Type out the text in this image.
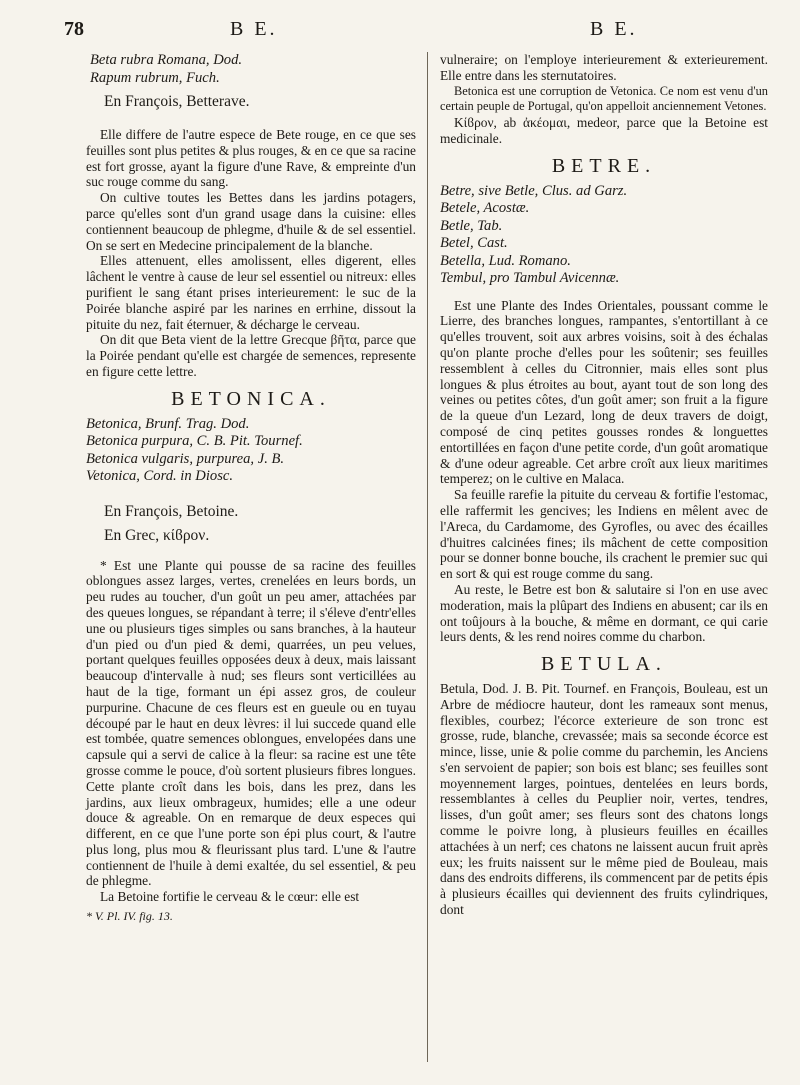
78	B E.	B E.
Beta rubra Romana, Dod.
Rapum rubrum, Fuch.
En François, Betterave.

Elle differe de l'autre espece de Bete rouge, en ce que ses feuilles sont plus petites & plus rouges, & en ce que sa racine est fort grosse, ayant la figure d'une Rave, & empreinte d'un suc rouge comme du sang.

On cultive toutes les Bettes dans les jardins potagers, parce qu'elles sont d'un grand usage dans la cuisine: elles contiennent beaucoup de phlegme, d'huile & de sel essentiel. On se sert en Medecine principalement de la blanche.

Elles attenuent, elles amolissent, elles digerent, elles lâchent le ventre à cause de leur sel essentiel ou nitreux: elles purifient le sang étant prises interieurement: le suc de la Poirée blanche aspiré par les narines en errhine, dissout la pituite du nez, fait éternuer, & décharge le cerveau.

On dit que Beta vient de la lettre Grecque βῆτα, parce que la Poirée pendant qu'elle est chargée de semences, represente en figure cette lettre.

BETONICA.
Betonica, Brunf. Trag. Dod.
Betonica purpura, C. B. Pit. Tournef.
Betonica vulgaris, purpurea, J. B.
Vetonica, Cord. in Diosc.
En François, Betoine.
En Grec, κίϐρον.

* Est une Plante qui pousse de sa racine des feuilles oblongues assez larges, vertes, crenelées en leurs bords, un peu rudes au toucher, d'un goût un peu amer, attachées par des queues longues, se répandant à terre; il s'éleve d'entr'elles une ou plusieurs tiges simples ou sans branches, à la hauteur d'un pied ou d'un pied & demi, quarrées, un peu velues, portant quelques feuilles opposées deux à deux, mais laissant beaucoup d'intervalle à nud; ses fleurs sont verticillées au haut de la tige, formant un épi assez gros, de couleur purpurine. Chacune de ces fleurs est en gueule ou en tuyau découpé par le haut en deux lèvres: il lui succede quand elle est tombée, quatre semences oblongues, envelopées dans une capsule qui a servi de calice à la fleur: sa racine est une tête grosse comme le pouce, d'où sortent plusieurs fibres longues. Cette plante croît dans les bois, dans les prez, dans les jardins, aux lieux ombrageux, humides; elle a une odeur douce & agreable. On en remarque de deux especes qui different, en ce que l'une porte son épi plus court, & l'autre plus long, plus mou & fleurissant plus tard. L'une & l'autre contiennent de l'huile à demi exaltée, du sel essentiel, & peu de phlegme.

La Betoine fortifie le cerveau & le cœur: elle est

* V. Pl. IV. fig. 13.

vulneraire; on l'employe interieurement & exterieurement. Elle entre dans les sternutatoires.

Betonica est une corruption de Vetonica. Ce nom est venu d'un certain peuple de Portugal, qu'on appelloit anciennement Vetones.

Κίϐρον, ab ἀκέομαι, medeor, parce que la Betoine est medicinale.

BETRE.
Betre, sive Betle, Clus. ad Garz.
Betele, Acostæ.
Betle, Tab.
Betel, Cast.
Betella, Lud. Romano.
Tembul, pro Tambul Avicennæ.

Est une Plante des Indes Orientales, poussant comme le Lierre, des branches longues, rampantes, s'entortillant à ce qu'elles trouvent, soit aux arbres voisins, soit à des échalas qu'on plante proche d'elles pour les soûtenir; ses feuilles ressemblent à celles du Citronnier, mais elles sont plus longues & plus étroites au bout, ayant tout de son long des veines ou petites côtes, d'un goût amer; son fruit a la figure de la queue d'un Lezard, long de deux travers de doigt, composé de cinq petites gousses rondes & longuettes entortillées en façon d'une petite corde, d'un goût aromatique & d'une odeur agreable. Cet arbre croît aux lieux maritimes temperez; on le cultive en Malaca.

Sa feuille rarefie la pituite du cerveau & fortifie l'estomac, elle raffermit les gencives; les Indiens en mêlent avec de l'Areca, du Cardamome, des Gyrofles, ou avec des écailles d'huitres calcinées fines; ils mâchent de cette composition pour se donner bonne bouche, ils crachent le premier suc qui en sort & qui est rouge comme du sang.

Au reste, le Betre est bon & salutaire si l'on en use avec moderation, mais la plûpart des Indiens en abusent; car ils en ont toûjours à la bouche, & même en dormant, ce qui carie leurs dents, & les rend noires comme du charbon.

BETULA.

Betula, Dod. J. B. Pit. Tournef. en François, Bouleau, est un Arbre de médiocre hauteur, dont les rameaux sont menus, flexibles, courbez; l'écorce exterieure de son tronc est grosse, rude, blanche, crevassée; mais sa seconde écorce est mince, lisse, unie & polie comme du parchemin, les Anciens s'en servoient de papier; son bois est blanc; ses feuilles sont moyennement larges, pointues, dentelées en leurs bords, ressemblantes à celles du Peuplier noir, vertes, tendres, lisses, d'un goût amer; ses fleurs sont des chatons longs comme le poivre long, à plusieurs feuilles en écailles attachées à un nerf; ces chatons ne laissent aucun fruit après eux; les fruits naissent sur le même pied de Bouleau, mais dans des endroits differens, ils commencent par de petits épis à plusieurs écailles qui deviennent des fruits cylindriques, dont
